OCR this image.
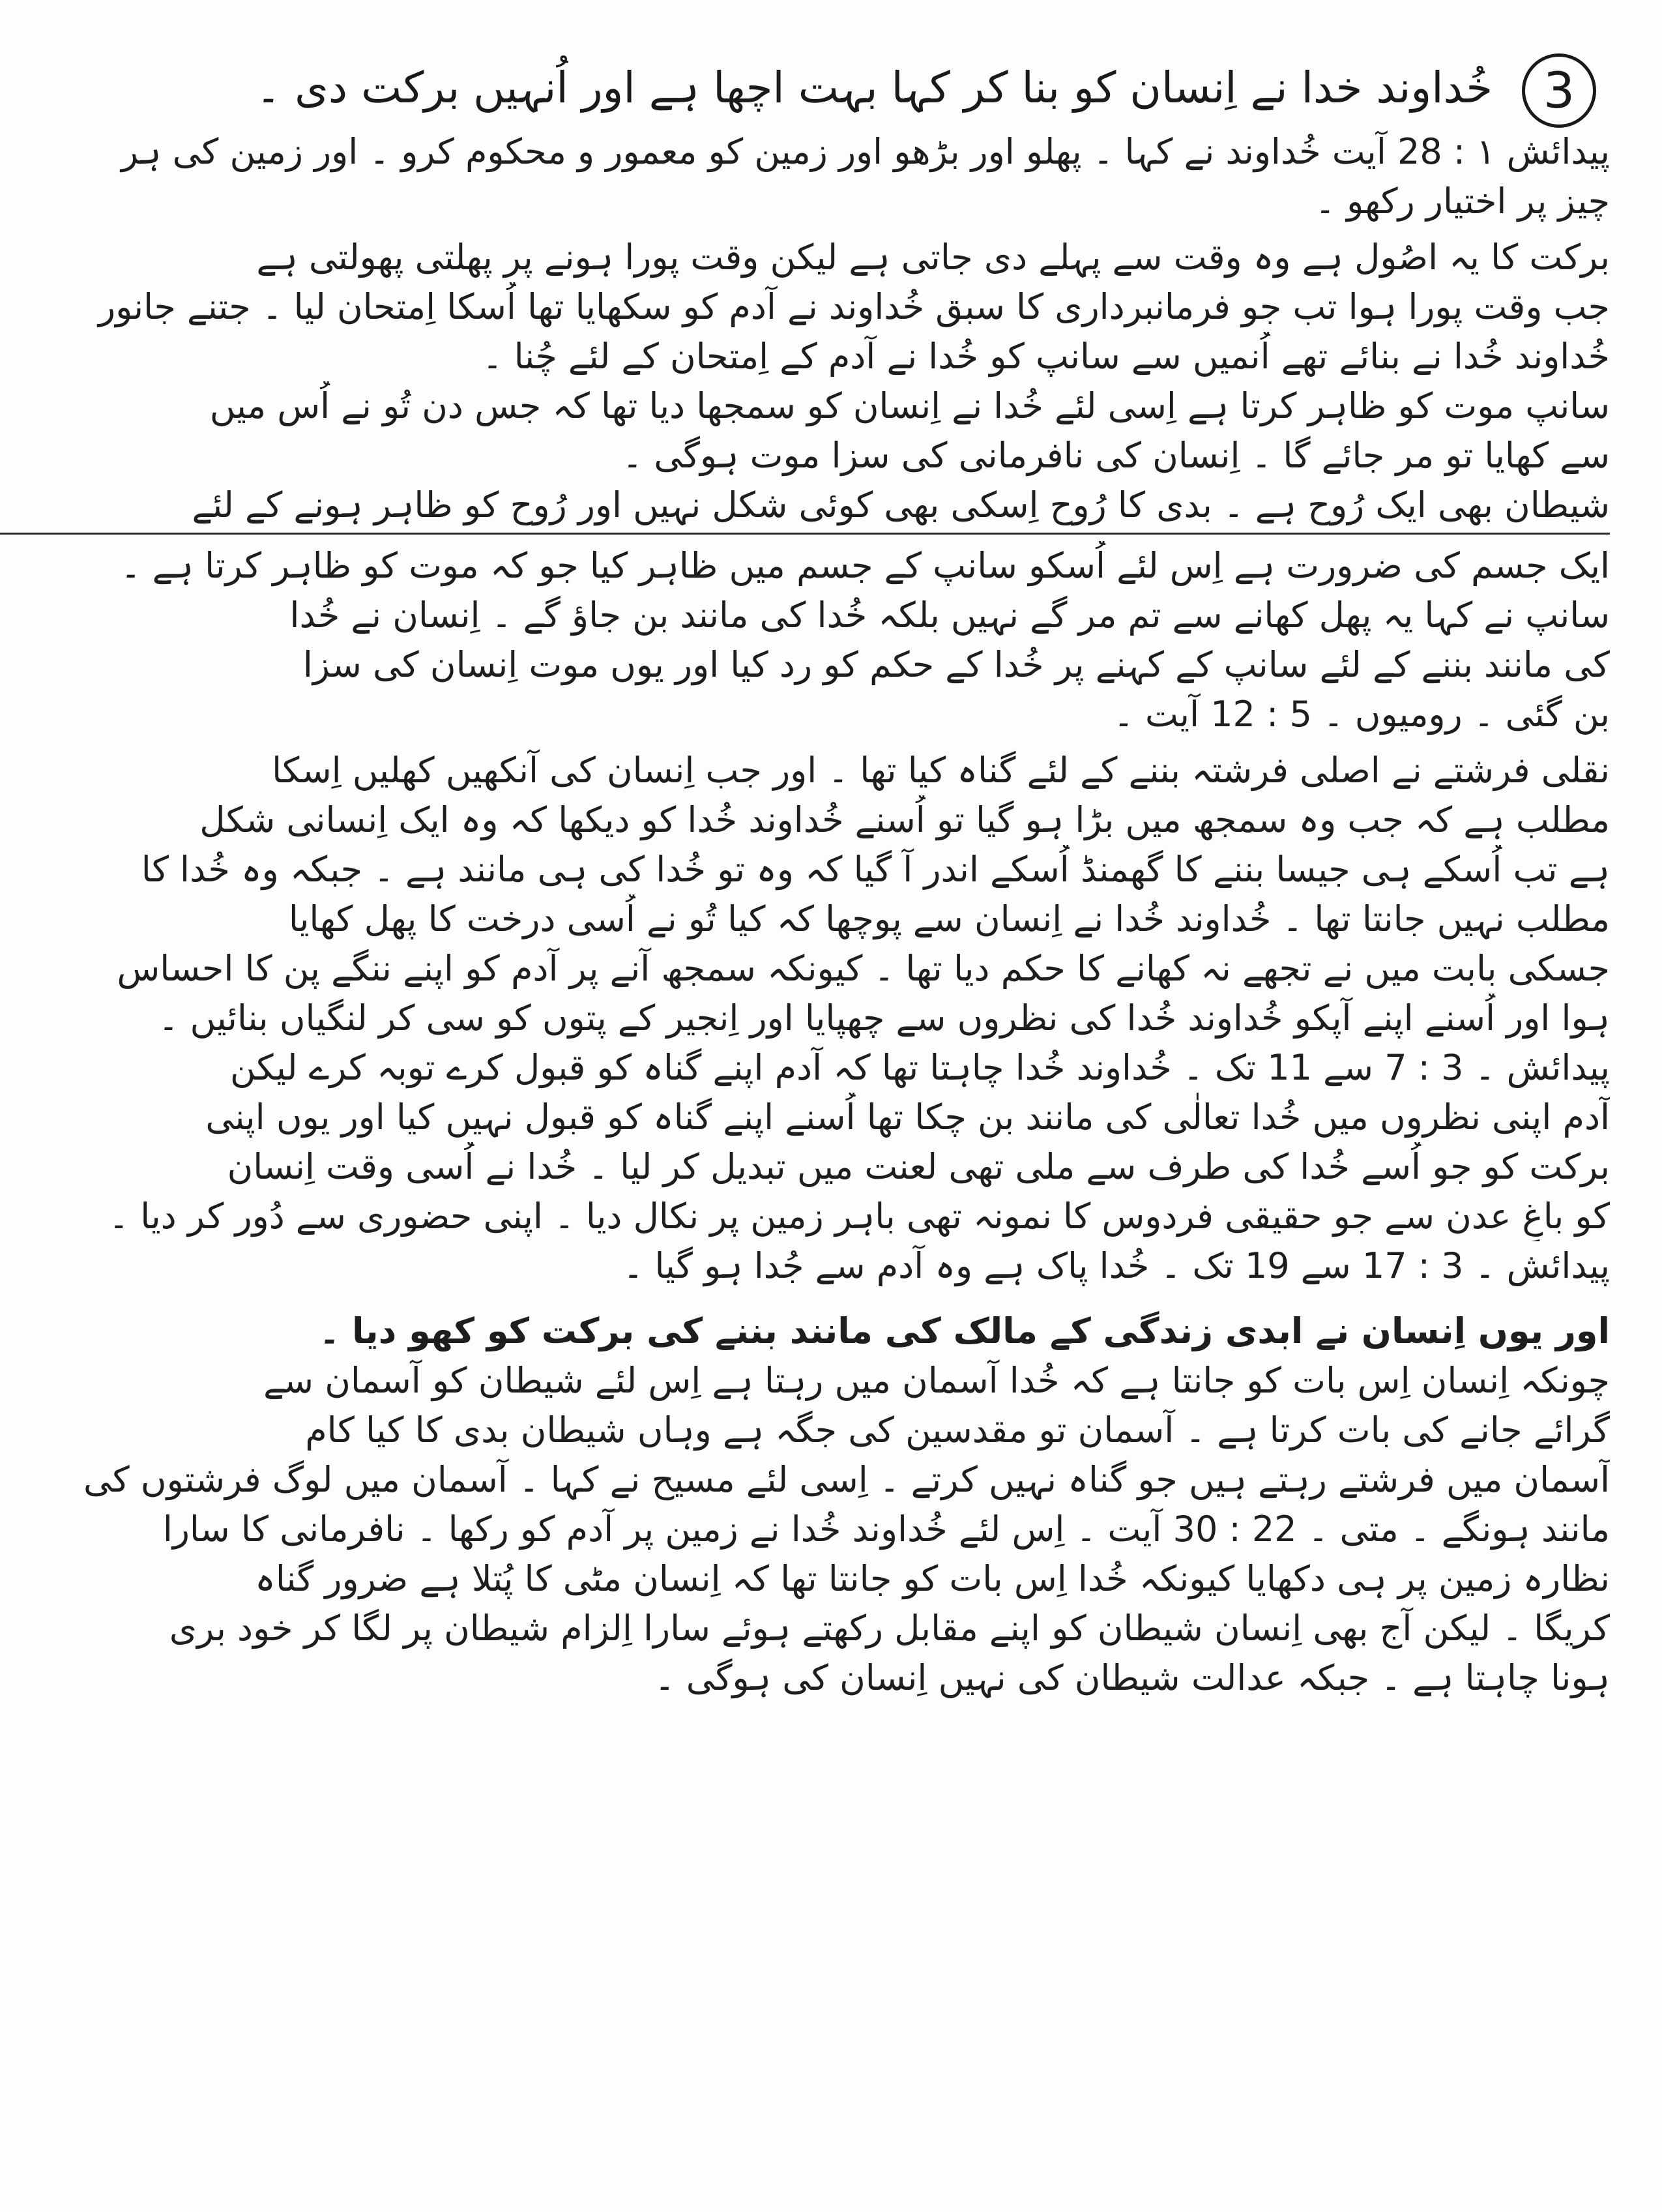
3
خُداوند خدا نے اِنسان کو بنا کر کہا بہت اچھا ہے اور اُنہیں برکت دی ۔
پیدائش ۱ : 28 آیت خُداوند نے کہا ۔ پھلو اور بڑھو اور زمین کو معمور و محکوم کرو ۔ اور زمین کی ہر
چیز پر اختیار رکھو ۔
برکت کا یہ اصُول ہے وہ وقت سے پہلے دی جاتی ہے لیکن وقت پورا ہونے پر پھلتی پھولتی ہے
جب وقت پورا ہوا تب جو فرمانبرداری کا سبق خُداوند نے آدم کو سکھایا تھا اُسکا اِمتحان لیا ۔ جتنے جانور
خُداوند خُدا نے بنائے تھے اُنمیں سے سانپ کو خُدا نے آدم کے اِمتحان کے لئے چُنا ۔
سانپ موت کو ظاہر کرتا ہے اِسی لئے خُدا نے اِنسان کو سمجھا دیا تھا کہ جس دن تُو نے اُس میں
سے کھایا تو مر جائے گا ۔ اِنسان کی نافرمانی کی سزا موت ہوگی ۔
شیطان بھی ایک رُوح ہے ۔ بدی کا رُوح اِسکی بھی کوئی شکل نہیں اور رُوح کو ظاہر ہونے کے لئے
ایک جسم کی ضرورت ہے اِس لئے اُسکو سانپ کے جسم میں ظاہر کیا جو کہ موت کو ظاہر کرتا ہے ۔
سانپ نے کہا یہ پھل کھانے سے تم مر گے نہیں بلکہ خُدا کی مانند بن جاؤ گے ۔ اِنسان نے خُدا
کی مانند بننے کے لئے سانپ کے کہنے پر خُدا کے حکم کو رد کیا اور یوں موت اِنسان کی سزا
بن گئی ۔ رومیوں ۔ 5 : 12 آیت ۔
نقلی فرشتے نے اصلی فرشتہ بننے کے لئے گناہ کیا تھا ۔ اور جب اِنسان کی آنکھیں کھلیں اِسکا
مطلب ہے کہ جب وہ سمجھ میں بڑا ہو گیا تو اُسنے خُداوند خُدا کو دیکھا کہ وہ ایک اِنسانی شکل
ہے تب اُسکے ہی جیسا بننے کا گھمنڈ اُسکے اندر آ گیا کہ وہ تو خُدا کی ہی مانند ہے ۔ جبکہ وہ خُدا کا
مطلب نہیں جانتا تھا ۔ خُداوند خُدا نے اِنسان سے پوچھا کہ کیا تُو نے اُسی درخت کا پھل کھایا
جسکی بابت میں نے تجھے نہ کھانے کا حکم دیا تھا ۔ کیونکہ سمجھ آنے پر آدم کو اپنے ننگے پن کا احساس
ہوا اور اُسنے اپنے آپکو خُداوند خُدا کی نظروں سے چھپایا اور اِنجیر کے پتوں کو سی کر لنگیاں بنائیں ۔
پیدائش ۔ 3 : 7 سے 11 تک ۔ خُداوند خُدا چاہتا تھا کہ آدم اپنے گناہ کو قبول کرے توبہ کرے لیکن
آدم اپنی نظروں میں خُدا تعالٰی کی مانند بن چکا تھا اُسنے اپنے گناہ کو قبول نہیں کیا اور یوں اپنی
برکت کو جو اُسے خُدا کی طرف سے ملی تھی لعنت میں تبدیل کر لیا ۔ خُدا نے اُسی وقت اِنسان
کو باغِ عدن سے جو حقیقی فردوس کا نمونہ تھی باہر زمین پر نکال دیا ۔ اپنی حضوری سے دُور کر دیا ۔
پیدائش ۔ 3 : 17 سے 19 تک ۔ خُدا پاک ہے وہ آدم سے جُدا ہو گیا ۔
اور یوں اِنسان نے ابدی زندگی کے مالک کی مانند بننے کی برکت کو کھو دیا ۔
چونکہ اِنسان اِس بات کو جانتا ہے کہ خُدا آسمان میں رہتا ہے اِس لئے شیطان کو آسمان سے
گرائے جانے کی بات کرتا ہے ۔ آسمان تو مقدسین کی جگہ ہے وہاں شیطان بدی کا کیا کام
آسمان میں فرشتے رہتے ہیں جو گناہ نہیں کرتے ۔ اِسی لئے مسیح نے کہا ۔ آسمان میں لوگ فرشتوں کی
مانند ہونگے ۔ متی ۔ 22 : 30 آیت ۔ اِس لئے خُداوند خُدا نے زمین پر آدم کو رکھا ۔ نافرمانی کا سارا
نظارہ زمین پر ہی دکھایا کیونکہ خُدا اِس بات کو جانتا تھا کہ اِنسان مٹی کا پُتلا ہے ضرور گناہ
کریگا ۔ لیکن آج بھی اِنسان شیطان کو اپنے مقابل رکھتے ہوئے سارا اِلزام شیطان پر لگا کر خود بری
ہونا چاہتا ہے ۔ جبکہ عدالت شیطان کی نہیں اِنسان کی ہوگی ۔
